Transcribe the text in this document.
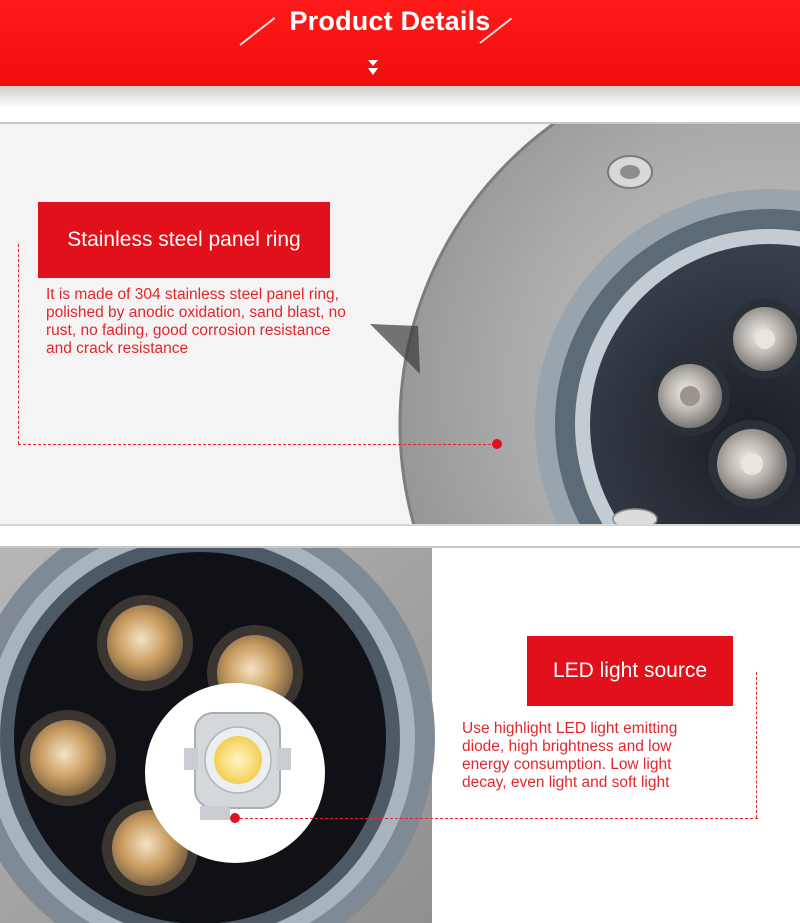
Product Details
Stainless steel panel ring
It is made of 304 stainless steel panel ring,
polished by anodic oxidation, sand blast, no
rust, no fading, good corrosion resistance
and crack resistance
LED light source
Use highlight LED light emitting
diode, high brightness and low
energy consumption. Low light
decay, even light and soft light
